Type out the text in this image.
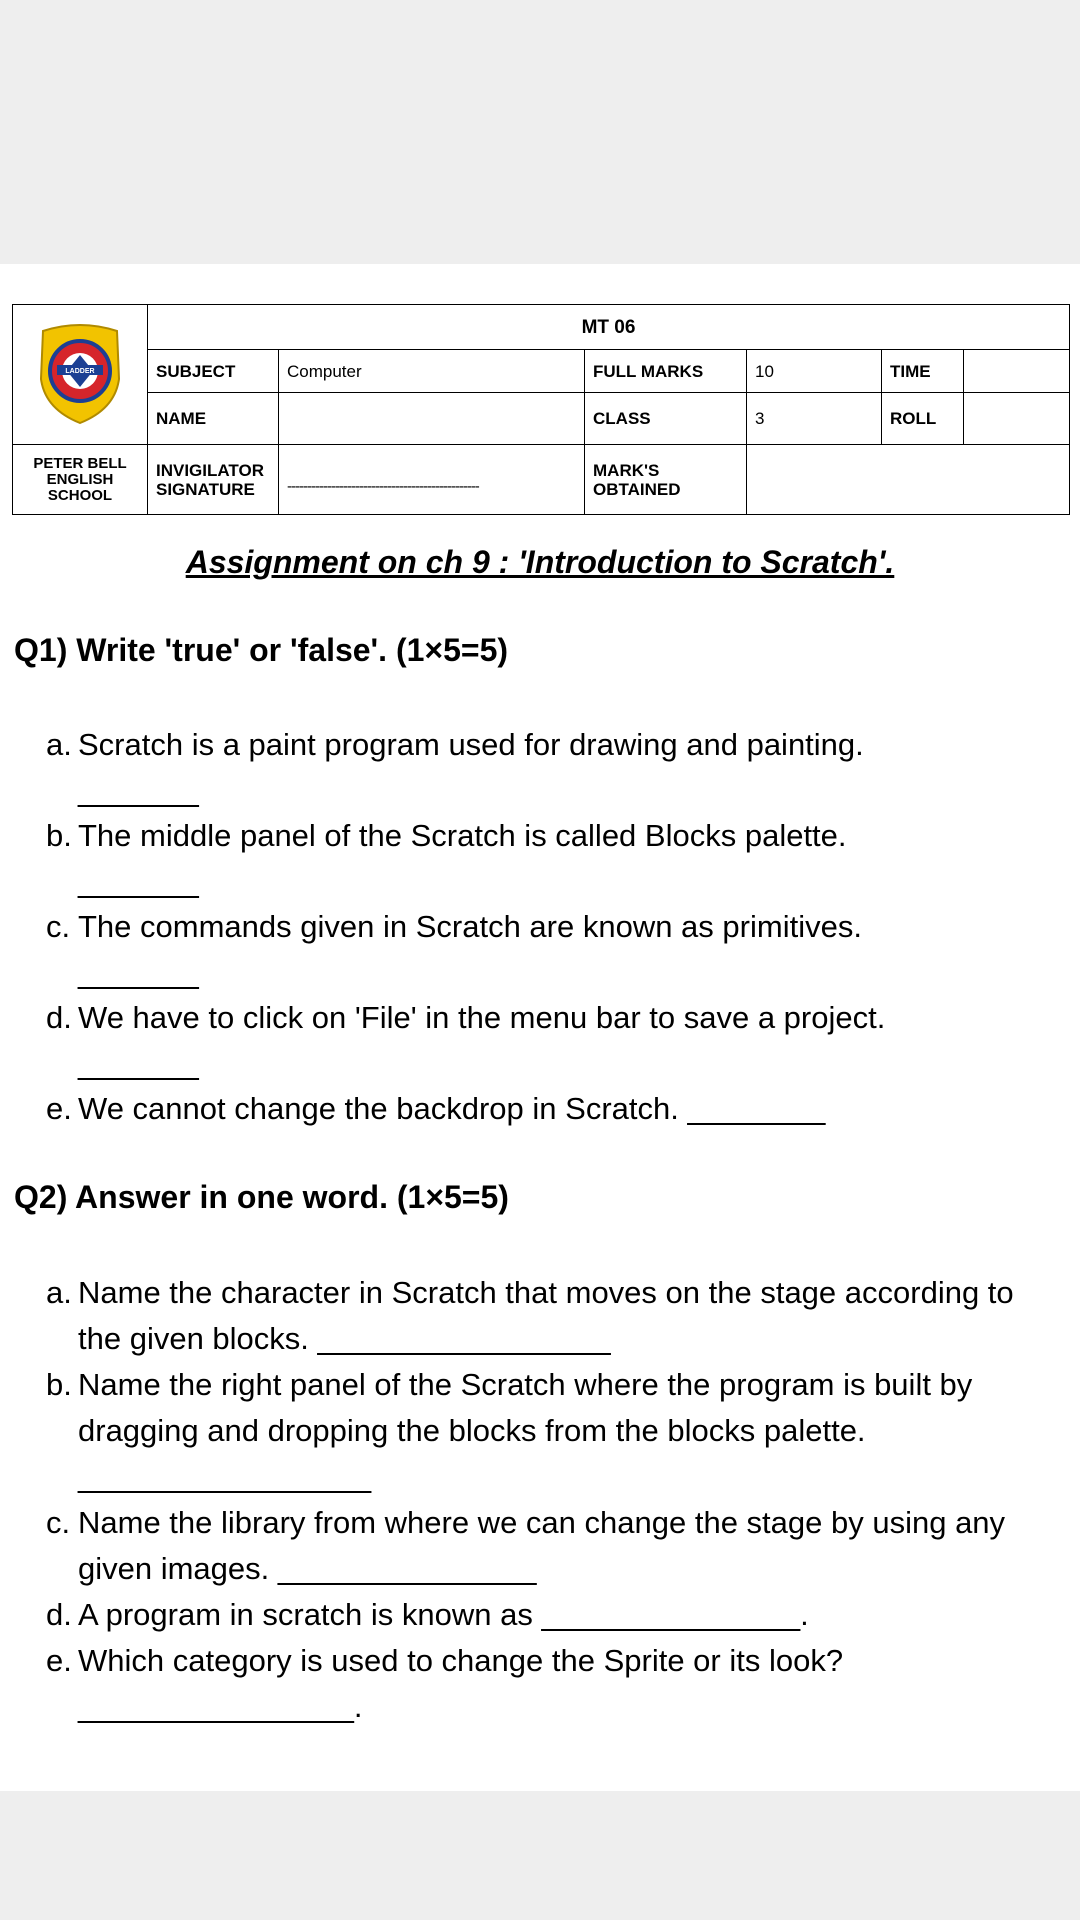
LADDER	MT 06					
	SUBJECT	Computer	FULL MARKS	10	TIME	
	NAME		CLASS	3	ROLL	
PETER BELL ENGLISH SCHOOL	INVIGILATOR SIGNATURE	------------------------------------------------	MARK'S OBTAINED			
Assignment on ch 9 : 'Introduction to Scratch'.
Q1) Write 'true' or 'false'. (1×5=5)
a. Scratch is a paint program used for drawing and painting.
_______
b. The middle panel of the Scratch is called Blocks palette.
_______
c. The commands given in Scratch are known as primitives.
_______
d. We have to click on 'File' in the menu bar to save a project.
_______
e. We cannot change the backdrop in Scratch. ________
Q2) Answer in one word. (1×5=5)
a. Name the character in Scratch that moves on the stage according to the given blocks. _________________
b. Name the right panel of the Scratch where the program is built by dragging and dropping the blocks from the blocks palette. _________________
c. Name the library from where we can change the stage by using any given images. _______________
d. A program in scratch is known as _______________.
e. Which category is used to change the Sprite or its look? ________________.
